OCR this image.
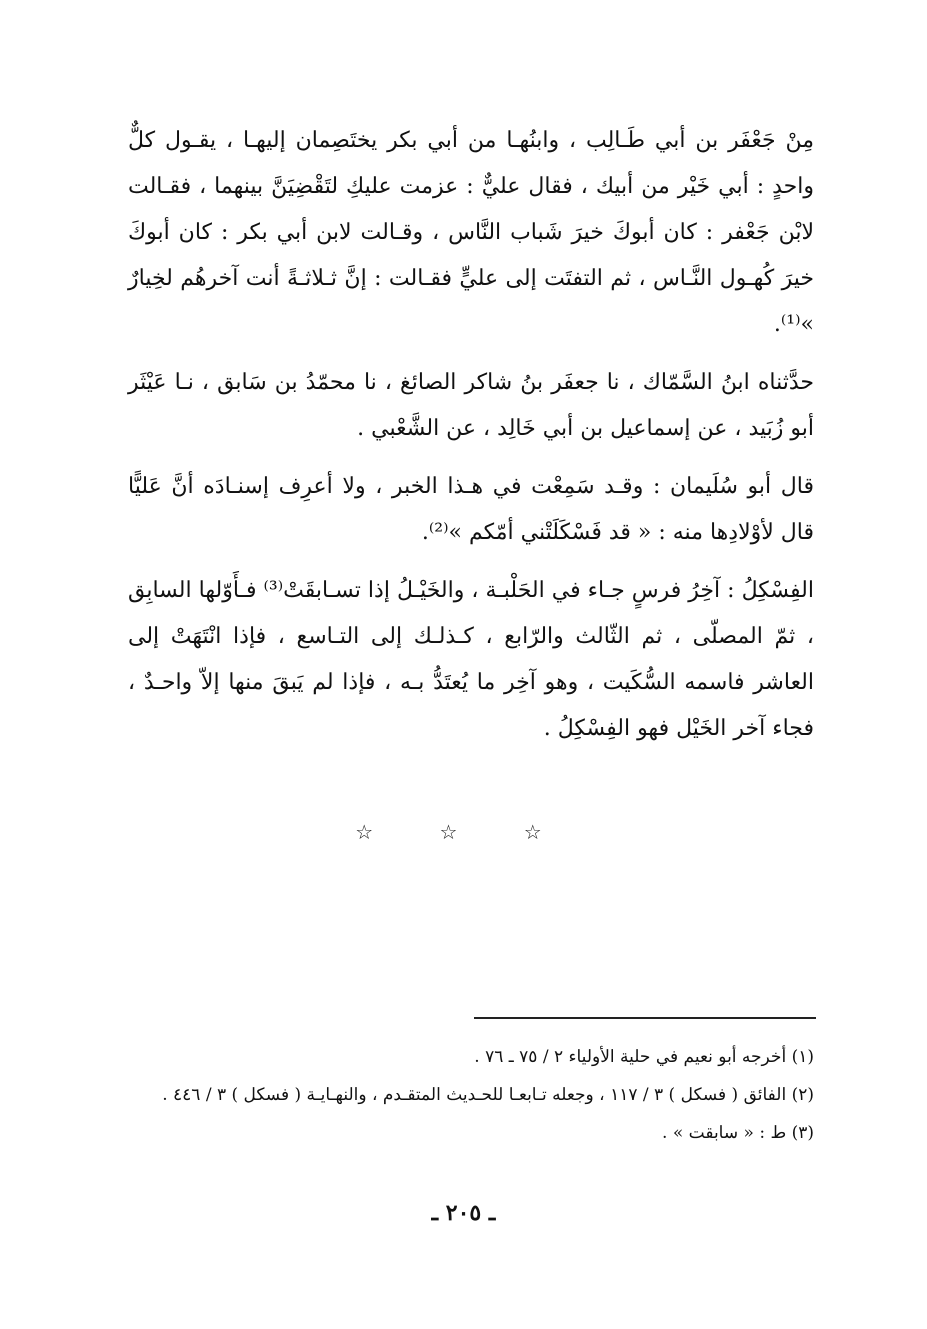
مِنْ جَعْفَر بن أبي طَـالِب ، وابنُهـا من أبي بكر يختَصِمان إليهـا ، يقـول كلٌّ واحدٍ : أبي خَيْر من أبيك ، فقال عليٌّ : عزمت عليكِ لتَقْضِيَنَّ بينهما ، فقـالت لابْن جَعْفر : كان أبوكَ خيرَ شَباب النَّاس ، وقـالت لابن أبي بكر : كان أبوكَ خيرَ كُهـول النَّـاس ، ثم التفتَت إلى عليٍّ فقـالت : إنَّ ثـلاثـةً أنت آخرهُم لخِيارٌ »⁽¹⁾.

حدَّثناه ابنُ السَّمّاك ، نا جعفَر بنُ شاكر الصائغ ، نا محمّدُ بن سَابق ، نـا عَيْثَر أبو زُبَيد ، عن إسماعيل بن أبي خَالِد ، عن الشَّعْبي .

قال أبو سُلَيمان : وقـد سَمِعْت في هـذا الخبر ، ولا أعرِف إسنـادَه أنَّ عَليًّا قال لأوْلادِها منه : « قد فَسْكَلَتْني أمّكم »⁽²⁾.

الفِسْكِلُ : آخِرُ فرسٍ جـاء في الحَلْبـة ، والخَيْـلُ إذا تسـابقَتْ⁽³⁾ فـأَوّلها السابِق ، ثمّ المصلّى ، ثم الثّالث والرّابع ، كـذلـك إلى التـاسع ، فإذا انْتَهَتْ إلى العاشر فاسمه السُّكَيت ، وهو آخِر ما يُعتَدُّ بـه ، فإذا لم يَبقَ منها إلاّ واحـدٌ ، فجاء آخر الخَيْل فهو الفِسْكِلُ .

☆ ☆ ☆

(١) أخرجه أبو نعيم في حلية الأولياء ٢ / ٧٥ ـ ٧٦ .

(٢) الفائق ( فسكل ) ٣ / ١١٧ ، وجعله تـابعـا للحـديث المتقـدم ، والنهـايـة ( فسكل ) ٣ / ٤٤٦ .

(٣) ط : « سابقت » .

ـ ٢٠٥ ـ
